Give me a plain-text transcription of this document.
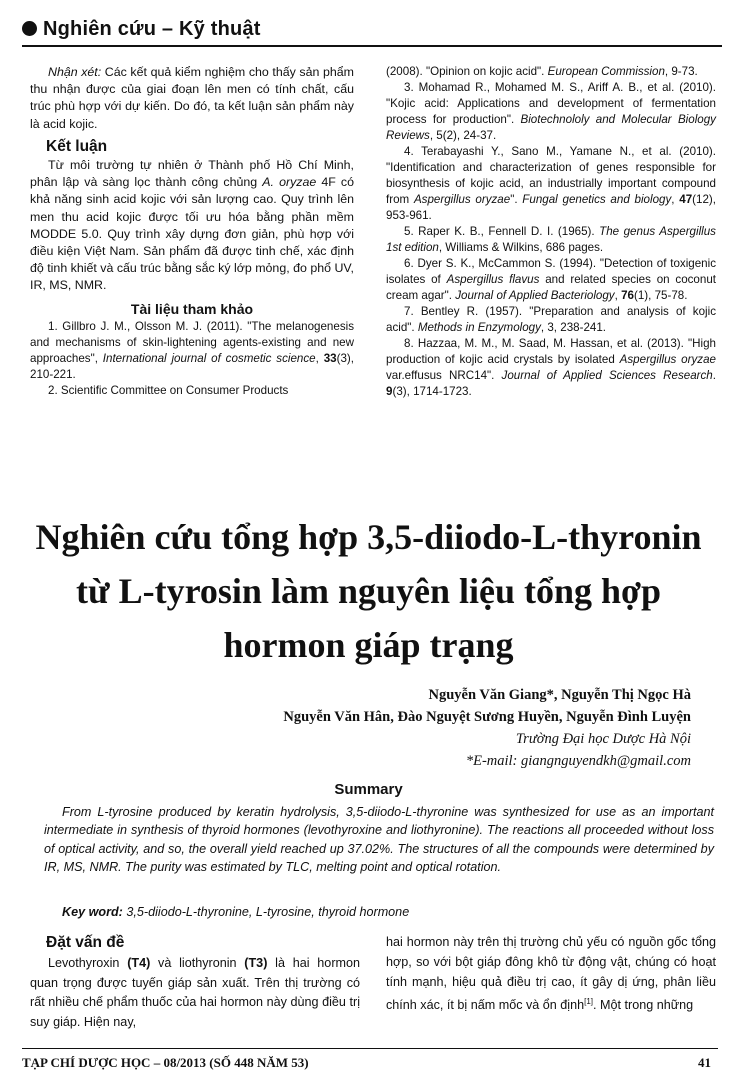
Nghiên cứu – Kỹ thuật

Nhận xét: Các kết quả kiểm nghiệm cho thấy sản phẩm thu nhận được của giai đoạn lên men có tính chất, cấu trúc phù hợp với dự kiến. Do đó, ta kết luận sản phẩm này là acid kojic.

Kết luận

Từ môi trường tự nhiên ở Thành phố Hồ Chí Minh, phân lập và sàng lọc thành công chủng A. oryzae 4F có khả năng sinh acid kojic với sản lượng cao. Quy trình lên men thu acid kojic được tối ưu hóa bằng phần mềm MODDE 5.0. Quy trình xây dựng đơn giản, phù hợp với điều kiện Việt Nam. Sản phẩm đã được tinh chế, xác định độ tinh khiết và cấu trúc bằng sắc ký lớp mỏng, đo phổ UV, IR, MS, NMR.

Tài liệu tham khảo

1. Gillbro J. M., Olsson M. J. (2011). "The melanogenesis and mechanisms of skin-lightening agents-existing and new approaches", International journal of cosmetic science, 33(3), 210-221.

2. Scientific Committee on Consumer Products

(2008). "Opinion on kojic acid". European Commission, 9-73.

3. Mohamad R., Mohamed M. S., Ariff A. B., et al. (2010). "Kojic acid: Applications and development of fermentation process for production". Biotechnololy and Molecular Biology Reviews, 5(2), 24-37.

4. Terabayashi Y., Sano M., Yamane N., et al. (2010). "Identification and characterization of genes responsible for biosynthesis of kojic acid, an industrially important compound from Aspergillus oryzae". Fungal genetics and biology, 47(12), 953-961.

5. Raper K. B., Fennell D. I. (1965). The genus Aspergillus 1st edition, Williams & Wilkins, 686 pages.

6. Dyer S. K., McCammon S. (1994). "Detection of toxigenic isolates of Aspergillus flavus and related species on coconut cream agar". Journal of Applied Bacteriology, 76(1), 75-78.

7. Bentley R. (1957). "Preparation and analysis of kojic acid". Methods in Enzymology, 3, 238-241.

8. Hazzaa, M. M., M. Saad, M. Hassan, et al. (2013). "High production of kojic acid crystals by isolated Aspergillus oryzae var.effusus NRC14". Journal of Applied Sciences Research. 9(3), 1714-1723.

Nghiên cứu tổng hợp 3,5-diiodo-L-thyronin
từ L-tyrosin làm nguyên liệu tổng hợp
hormon giáp trạng
Nguyễn Văn Giang*, Nguyễn Thị Ngọc Hà
Nguyễn Văn Hân, Đào Nguyệt Sương Huyền, Nguyễn Đình Luyện
Trường Đại học Dược Hà Nội
*E-mail: giangnguyendkh@gmail.com
Summary
From L-tyrosine produced by keratin hydrolysis, 3,5-diiodo-L-thyronine was synthesized for use as an important intermediate in synthesis of thyroid hormones (levothyroxine and liothyronine). The reactions all proceeded without loss of optical activity, and so, the overall yield reached up 37.02%. The structures of all the compounds were determined by IR, MS, NMR. The purity was estimated by TLC, melting point and optical rotation.
Key word: 3,5-diiodo-L-thyronine, L-tyrosine, thyroid hormone
Đặt vấn đề

Levothyroxin (T4) và liothyronin (T3) là hai hormon quan trọng được tuyến giáp sản xuất. Trên thị trường có rất nhiều chế phẩm thuốc của hai hormon này dùng điều trị suy giáp. Hiện nay,

hai hormon này trên thị trường chủ yếu có nguồn gốc tổng hợp, so với bột giáp đông khô từ động vật, chúng có hoạt tính mạnh, hiệu quả điều trị cao, ít gây dị ứng, phân liều chính xác, ít bị nấm mốc và ổn định[1]. Một trong những

TẠP CHÍ DƯỢC HỌC – 08/2013 (SỐ 448 NĂM 53)	41
